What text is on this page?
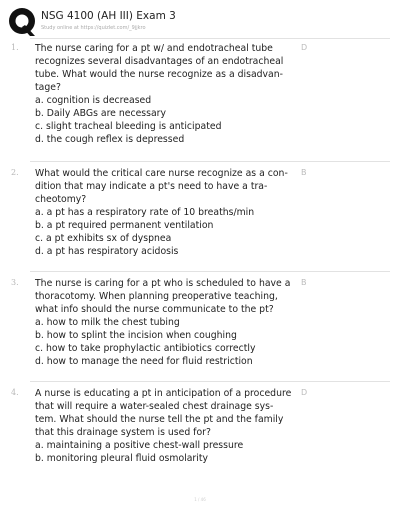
NSG 4100 (AH III) Exam 3
Study online at https://quizlet.com/_9jjkro
1. The nurse caring for a pt w/ and endotracheal tube
recognizes several disadvantages of an endotracheal
tube. What would the nurse recognize as a disadvan-
tage?
a. cognition is decreased
b. Daily ABGs are necessary
c. slight tracheal bleeding is anticipated
d. the cough reflex is depressed
D
2. What would the critical care nurse recognize as a con-
dition that may indicate a pt's need to have a tra-
cheotomy?
a. a pt has a respiratory rate of 10 breaths/min
b. a pt required permanent ventilation
c. a pt exhibits sx of dyspnea
d. a pt has respiratory acidosis
B
3. The nurse is caring for a pt who is scheduled to have a
thoracotomy. When planning preoperative teaching,
what info should the nurse communicate to the pt?
a. how to milk the chest tubing
b. how to splint the incision when coughing
c. how to take prophylactic antibiotics correctly
d. how to manage the need for fluid restriction
B
4. A nurse is educating a pt in anticipation of a procedure
that will require a water-sealed chest drainage sys-
tem. What should the nurse tell the pt and the family
that this drainage system is used for?
a. maintaining a positive chest-wall pressure
b. monitoring pleural fluid osmolarity
D
1 / 46
